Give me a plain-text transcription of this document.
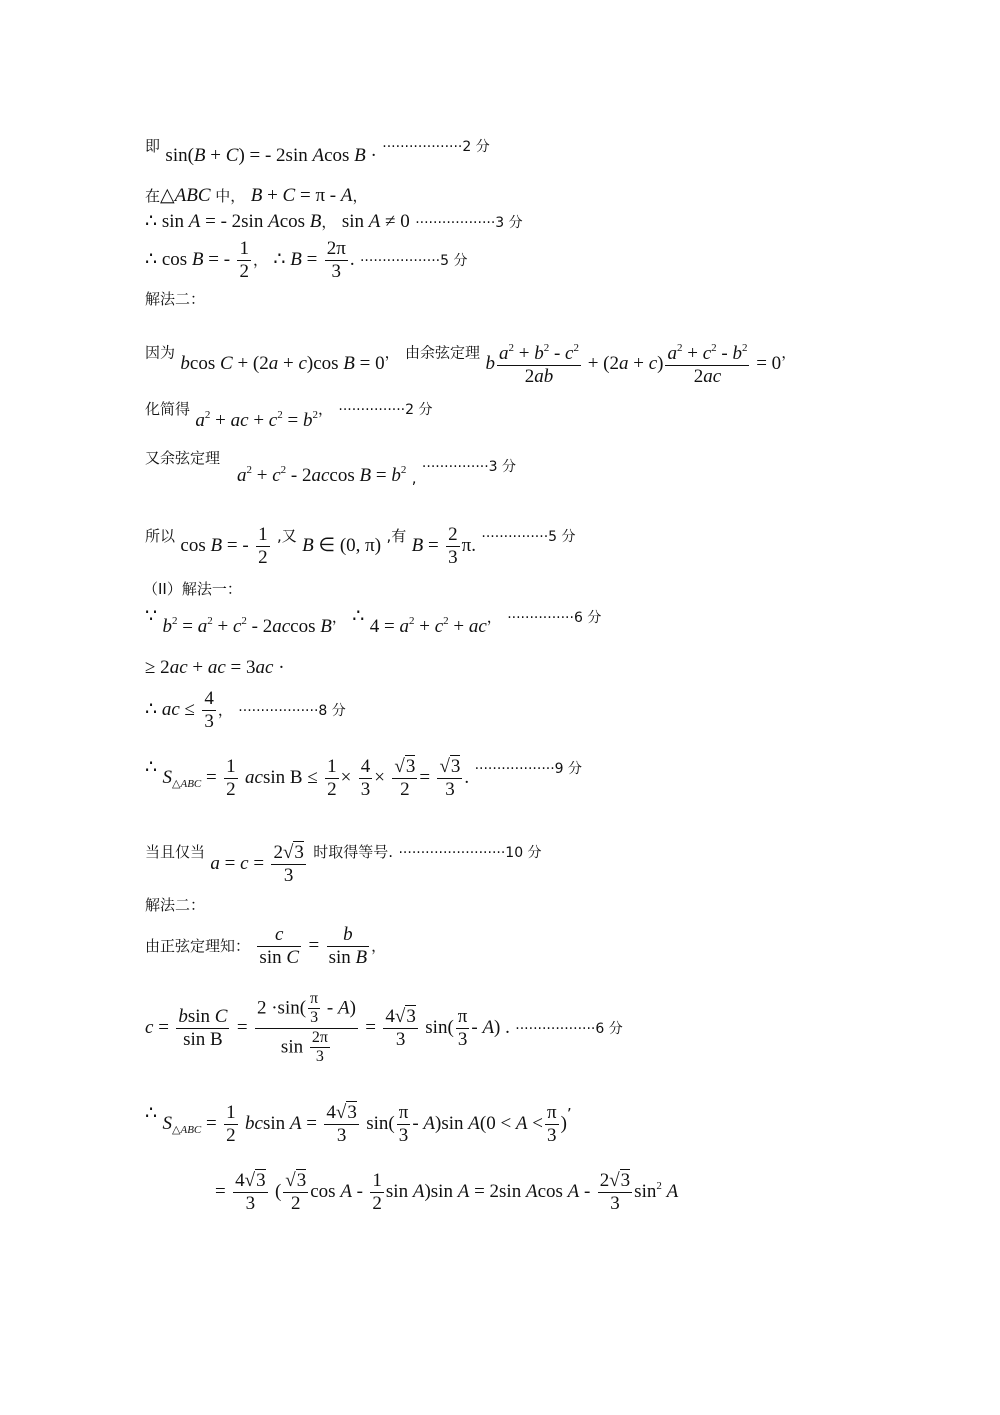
即 sin(B + C) = - 2sin Acos B · ··················2 分
在△ABC 中， B + C = π - A，
∴ sin A = - 2sin Acos B， sin A ≠ 0 ··················3 分
∴ cos B = - $\frac{1}{2}$ ， ∴ $B = \frac{2\pi}{3}$ . ··················5 分
解法二：
因为 bcos C + (2a + c)cos B = 0， 由余弦定理 b $\frac{a^2 + b^2 - c^2}{2ab} + (2a + c) \frac{a^2 + c^2 - b^2}{2ac} = 0$，
化简得 $a^2$ + ac + $c^2 = b^2$， ···············2 分
又余弦定理
$a^2 + c^2 - 2accos$ $B = b^2$ , $^{\cdot\cdot\cdot\cdot\cdot\cdot\cdot\cdot\cdot\cdot\cdot\cdot\cdot\cdot\cdot 3 分}$
所以 cos B = - $\frac{1}{2}$ ,又 B ∈ (0, π) ,有 $B = \frac{2}{3} \pi$. ···············5 分
（II）解法一：
∵ $b^2 = a^2 + c^2 - 2accos$ B， ∴ $4 = a^2 + c^2$ + ac， ···············6 分
≥ 2ac + ac = 3ac ·
∴ ac ≤ $\frac{4}{3}$ ， ··················8 分
∴ $S_{\triangle ABC} = \frac{1}{2}$ acsin $B \le \frac{1}{2} \times \frac{4}{3} \times \frac{√3}{2} = \frac{√3}{3}$ . ··················9 分
当且仅当 $a = c = \frac{2√3}{3}$ 时取得等号. ························10 分
解法二：
由正弦定理知： $\frac{c}{\text{sin C}} = \frac{b}{\text{sin B}}$ ，
$c = \frac{\text{bsin C}}{\text{sin B}} = \frac{2 \cdot\sin( \frac{\pi}{3} - A)}{\sin \frac{2\pi}{3}} = \frac{4√3}{3} \sin( \frac{\pi}{3} - A)$ . ··················6 分
∴ $S_{\triangle ABC} = \frac{1}{2}$ bcsin $A = \frac{4√3}{3} \sin( \frac{\pi}{3} - A)\sin$ $A(0 < A < \frac{\pi}{3}$ )’
= $\frac{4√3}{3}$ ( $\frac{√3}{2}$ cos A - $\frac{1}{2}$ sin A)sin A = 2sin Acos A - $\frac{2√3}{3} \sin^2 A$
